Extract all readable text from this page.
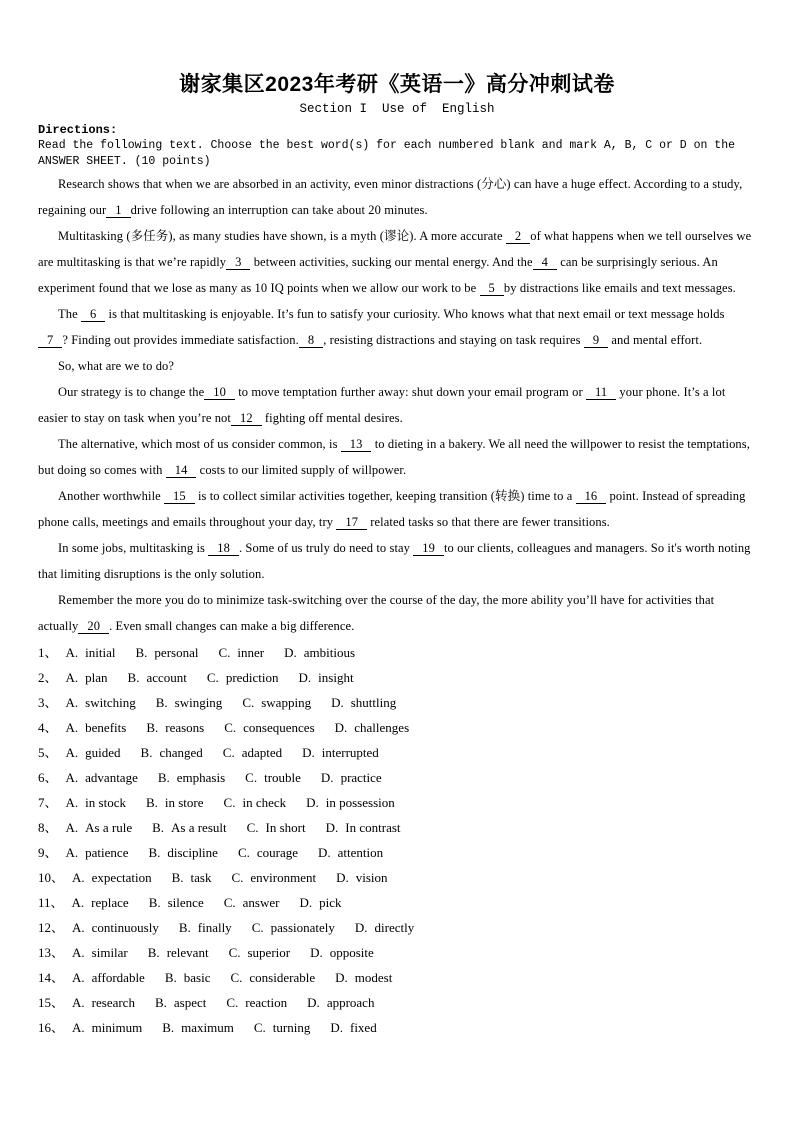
谢家集区2023年考研《英语一》高分冲刺试卷
Section I  Use of  English
Directions:
Read the following text. Choose the best word(s) for each numbered blank and mark A, B, C or D on the ANSWER SHEET. (10 points)

Research shows that when we are absorbed in an activity, even minor distractions (分心) can have a huge effect. According to a study, regaining our 1 drive following an interruption can take about 20 minutes.

Multitasking (多任务), as many studies have shown, is a myth (谬论). A more accurate 2 of what happens when we tell ourselves we are multitasking is that we’re rapidly 3 between activities, sucking our mental energy. And the 4 can be surprisingly serious. An experiment found that we lose as many as 10 IQ points when we allow our work to be 5 by distractions like emails and text messages.

The 6 is that multitasking is enjoyable. It’s fun to satisfy your curiosity. Who knows what that next email or text message holds 7 ? Finding out provides immediate satisfaction. 8 , resisting distractions and staying on task requires 9 and mental effort.

So, what are we to do?

Our strategy is to change the 10 to move temptation further away: shut down your email program or 11 your phone. It’s a lot easier to stay on task when you’re not 12 fighting off mental desires.

The alternative, which most of us consider common, is 13 to dieting in a bakery. We all need the willpower to resist the temptations, but doing so comes with 14 costs to our limited supply of willpower.

Another worthwhile 15 is to collect similar activities together, keeping transition (转换) time to a 16 point. Instead of spreading phone calls, meetings and emails throughout your day, try 17 related tasks so that there are fewer transitions.

In some jobs, multitasking is 18 . Some of us truly do need to stay 19 to our clients, colleagues and managers. So it's worth noting that limiting disruptions is the only solution.

Remember the more you do to minimize task-switching over the course of the day, the more ability you’ll have for activities that actually 20 . Even small changes can make a big difference.

1、 A. initial B. personal C. inner D. ambitious
2、 A. plan B. account C. prediction D. insight
3、 A. switching B. swinging C. swapping D. shuttling
4、 A. benefits B. reasons C. consequences D. challenges
5、 A. guided B. changed C. adapted D. interrupted
6、 A. advantage B. emphasis C. trouble D. practice
7、 A. in stock B. in store C. in check D. in possession
8、 A. As a rule B. As a result C. In short D. In contrast
9、 A. patience B. discipline C. courage D. attention
10、 A. expectation B. task C. environment D. vision
11、 A. replace B. silence C. answer D. pick
12、 A. continuously B. finally C. passionately D. directly
13、 A. similar B. relevant C. superior D. opposite
14、 A. affordable B. basic C. considerable D. modest
15、 A. research B. aspect C. reaction D. approach
16、 A. minimum B. maximum C. turning D. fixed
